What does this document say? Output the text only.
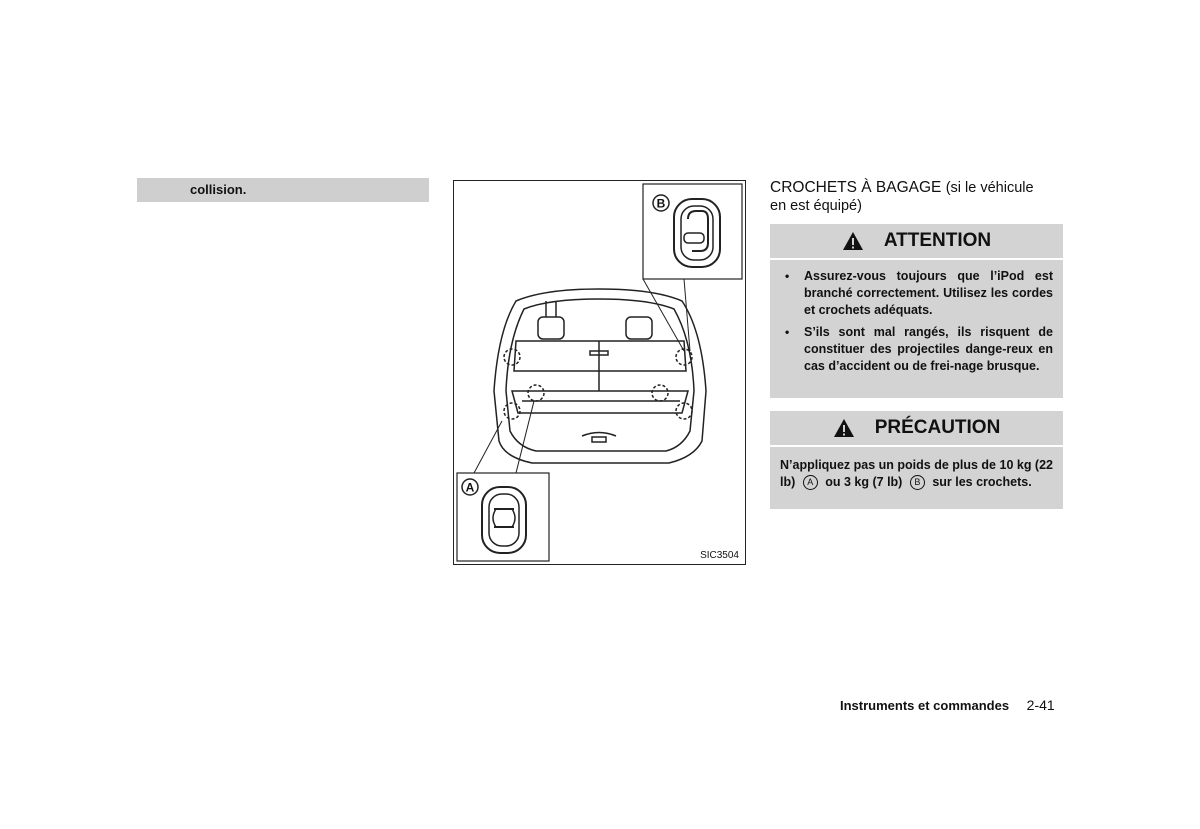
collision.
B
A
SIC3504
CROCHETS À BAGAGE (si le véhicule
en est équipé)
ATTENTION
• Assurez-vous toujours que l’iPod est branché correctement. Utilisez les cordes et crochets adéquats.
• S’ils sont mal rangés, ils risquent de constituer des projectiles dange-reux en cas d’accident ou de frei-nage brusque.
PRÉCAUTION
N’appliquez pas un poids de plus de 10 kg (22 lb) A ou 3 kg (7 lb) B sur les crochets.
Instruments et commandes 2-41
